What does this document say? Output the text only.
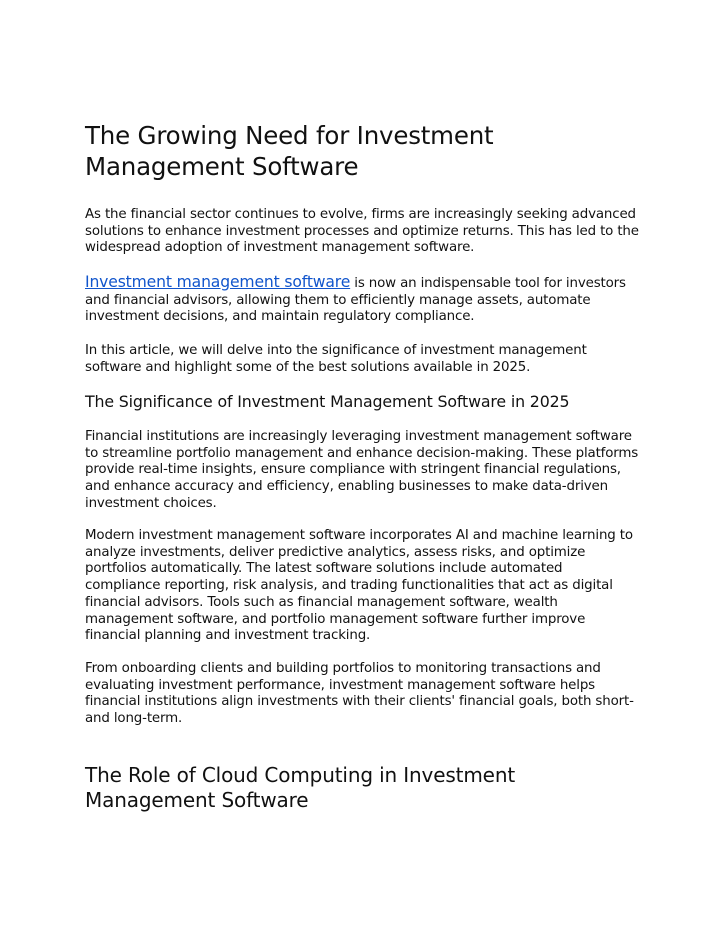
The Growing Need for Investment Management Software

As the financial sector continues to evolve, firms are increasingly seeking advanced solutions to enhance investment processes and optimize returns. This has led to the widespread adoption of investment management software.

Investment management software is now an indispensable tool for investors and financial advisors, allowing them to efficiently manage assets, automate investment decisions, and maintain regulatory compliance.

In this article, we will delve into the significance of investment management software and highlight some of the best solutions available in 2025.

The Significance of Investment Management Software in 2025

Financial institutions are increasingly leveraging investment management software to streamline portfolio management and enhance decision-making. These platforms provide real-time insights, ensure compliance with stringent financial regulations, and enhance accuracy and efficiency, enabling businesses to make data-driven investment choices.

Modern investment management software incorporates AI and machine learning to analyze investments, deliver predictive analytics, assess risks, and optimize portfolios automatically. The latest software solutions include automated compliance reporting, risk analysis, and trading functionalities that act as digital financial advisors. Tools such as financial management software, wealth management software, and portfolio management software further improve financial planning and investment tracking.

From onboarding clients and building portfolios to monitoring transactions and evaluating investment performance, investment management software helps financial institutions align investments with their clients' financial goals, both short- and long-term.

The Role of Cloud Computing in Investment Management Software
